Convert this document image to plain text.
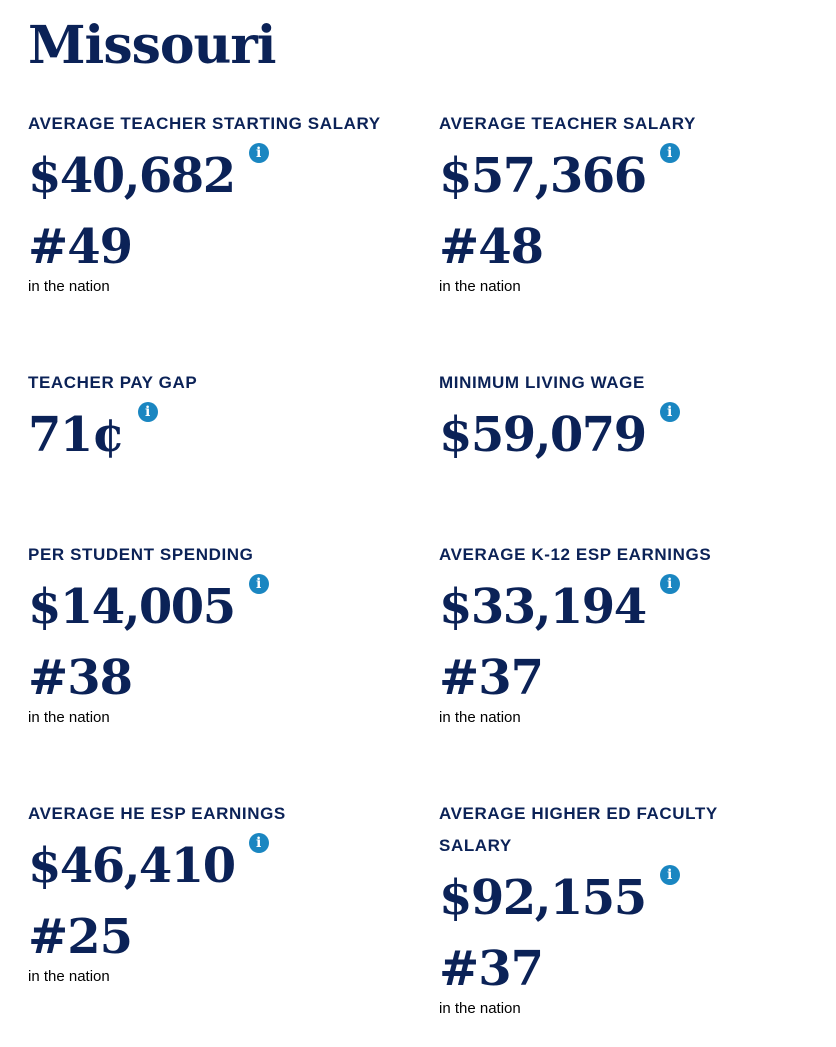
Missouri
AVERAGE TEACHER STARTING SALARY
$40,682	i
#49
in the nation
AVERAGE TEACHER SALARY
$57,366	i
#48
in the nation
TEACHER PAY GAP
71¢	i
MINIMUM LIVING WAGE
$59,079	i
PER STUDENT SPENDING
$14,005	i
#38
in the nation
AVERAGE K-12 ESP EARNINGS
$33,194	i
#37
in the nation
AVERAGE HE ESP EARNINGS
$46,410	i
#25
in the nation
AVERAGE HIGHER ED FACULTY SALARY
$92,155	i
#37
in the nation
